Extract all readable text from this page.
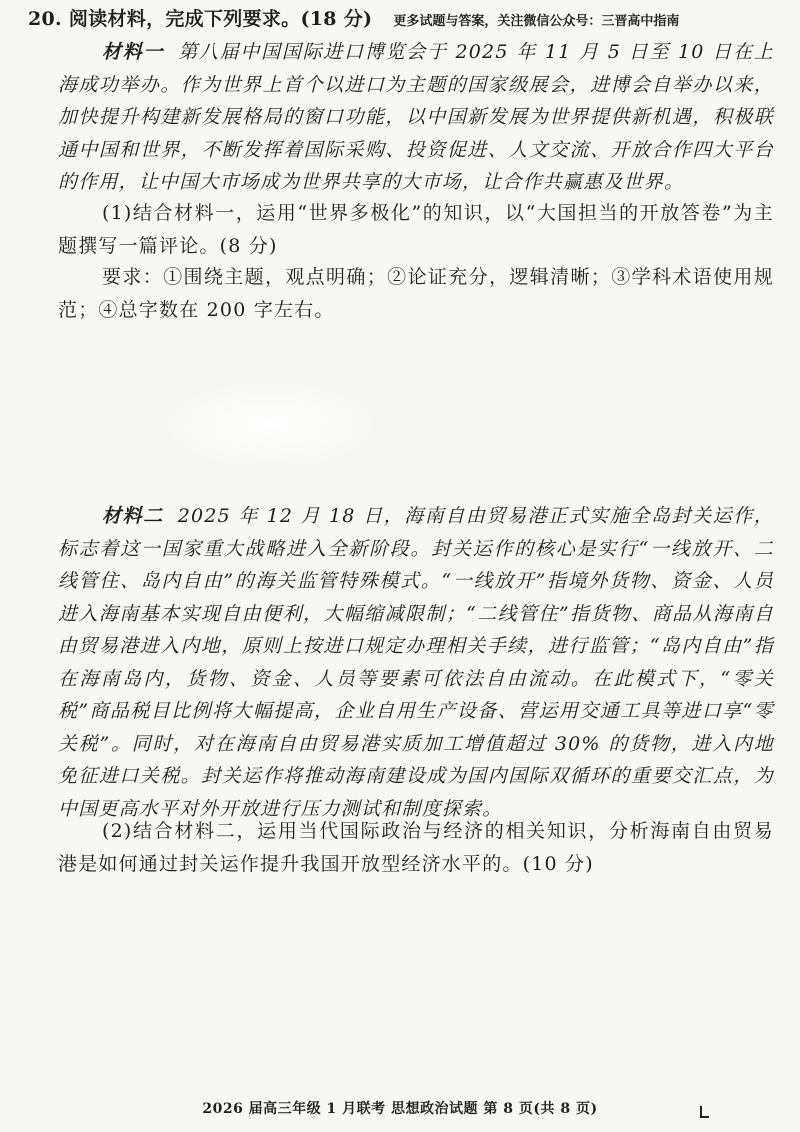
20. 阅读材料，完成下列要求。(18 分) 更多试题与答案，关注微信公众号：三晋高中指南

材料一 第八届中国国际进口博览会于 2025 年 11 月 5 日至 10 日在上海成功举办。作为世界上首个以进口为主题的国家级展会，进博会自举办以来，加快提升构建新发展格局的窗口功能，以中国新发展为世界提供新机遇，积极联通中国和世界，不断发挥着国际采购、投资促进、人文交流、开放合作四大平台的作用，让中国大市场成为世界共享的大市场，让合作共赢惠及世界。

(1)结合材料一，运用“世界多极化”的知识，以“大国担当的开放答卷”为主题撰写一篇评论。(8 分)

要求：①围绕主题，观点明确；②论证充分，逻辑清晰；③学科术语使用规范；④总字数在 200 字左右。

材料二 2025 年 12 月 18 日，海南自由贸易港正式实施全岛封关运作，标志着这一国家重大战略进入全新阶段。封关运作的核心是实行“一线放开、二线管住、岛内自由”的海关监管特殊模式。“一线放开”指境外货物、资金、人员进入海南基本实现自由便利，大幅缩减限制；“二线管住”指货物、商品从海南自由贸易港进入内地，原则上按进口规定办理相关手续，进行监管；“岛内自由”指在海南岛内，货物、资金、人员等要素可依法自由流动。在此模式下，“零关税”商品税目比例将大幅提高，企业自用生产设备、营运用交通工具等进口享“零关税”。同时，对在海南自由贸易港实质加工增值超过 30% 的货物，进入内地免征进口关税。封关运作将推动海南建设成为国内国际双循环的重要交汇点，为中国更高水平对外开放进行压力测试和制度探索。

(2)结合材料二，运用当代国际政治与经济的相关知识，分析海南自由贸易港是如何通过封关运作提升我国开放型经济水平的。(10 分)

2026 届高三年级 1 月联考 思想政治试题 第 8 页(共 8 页)
